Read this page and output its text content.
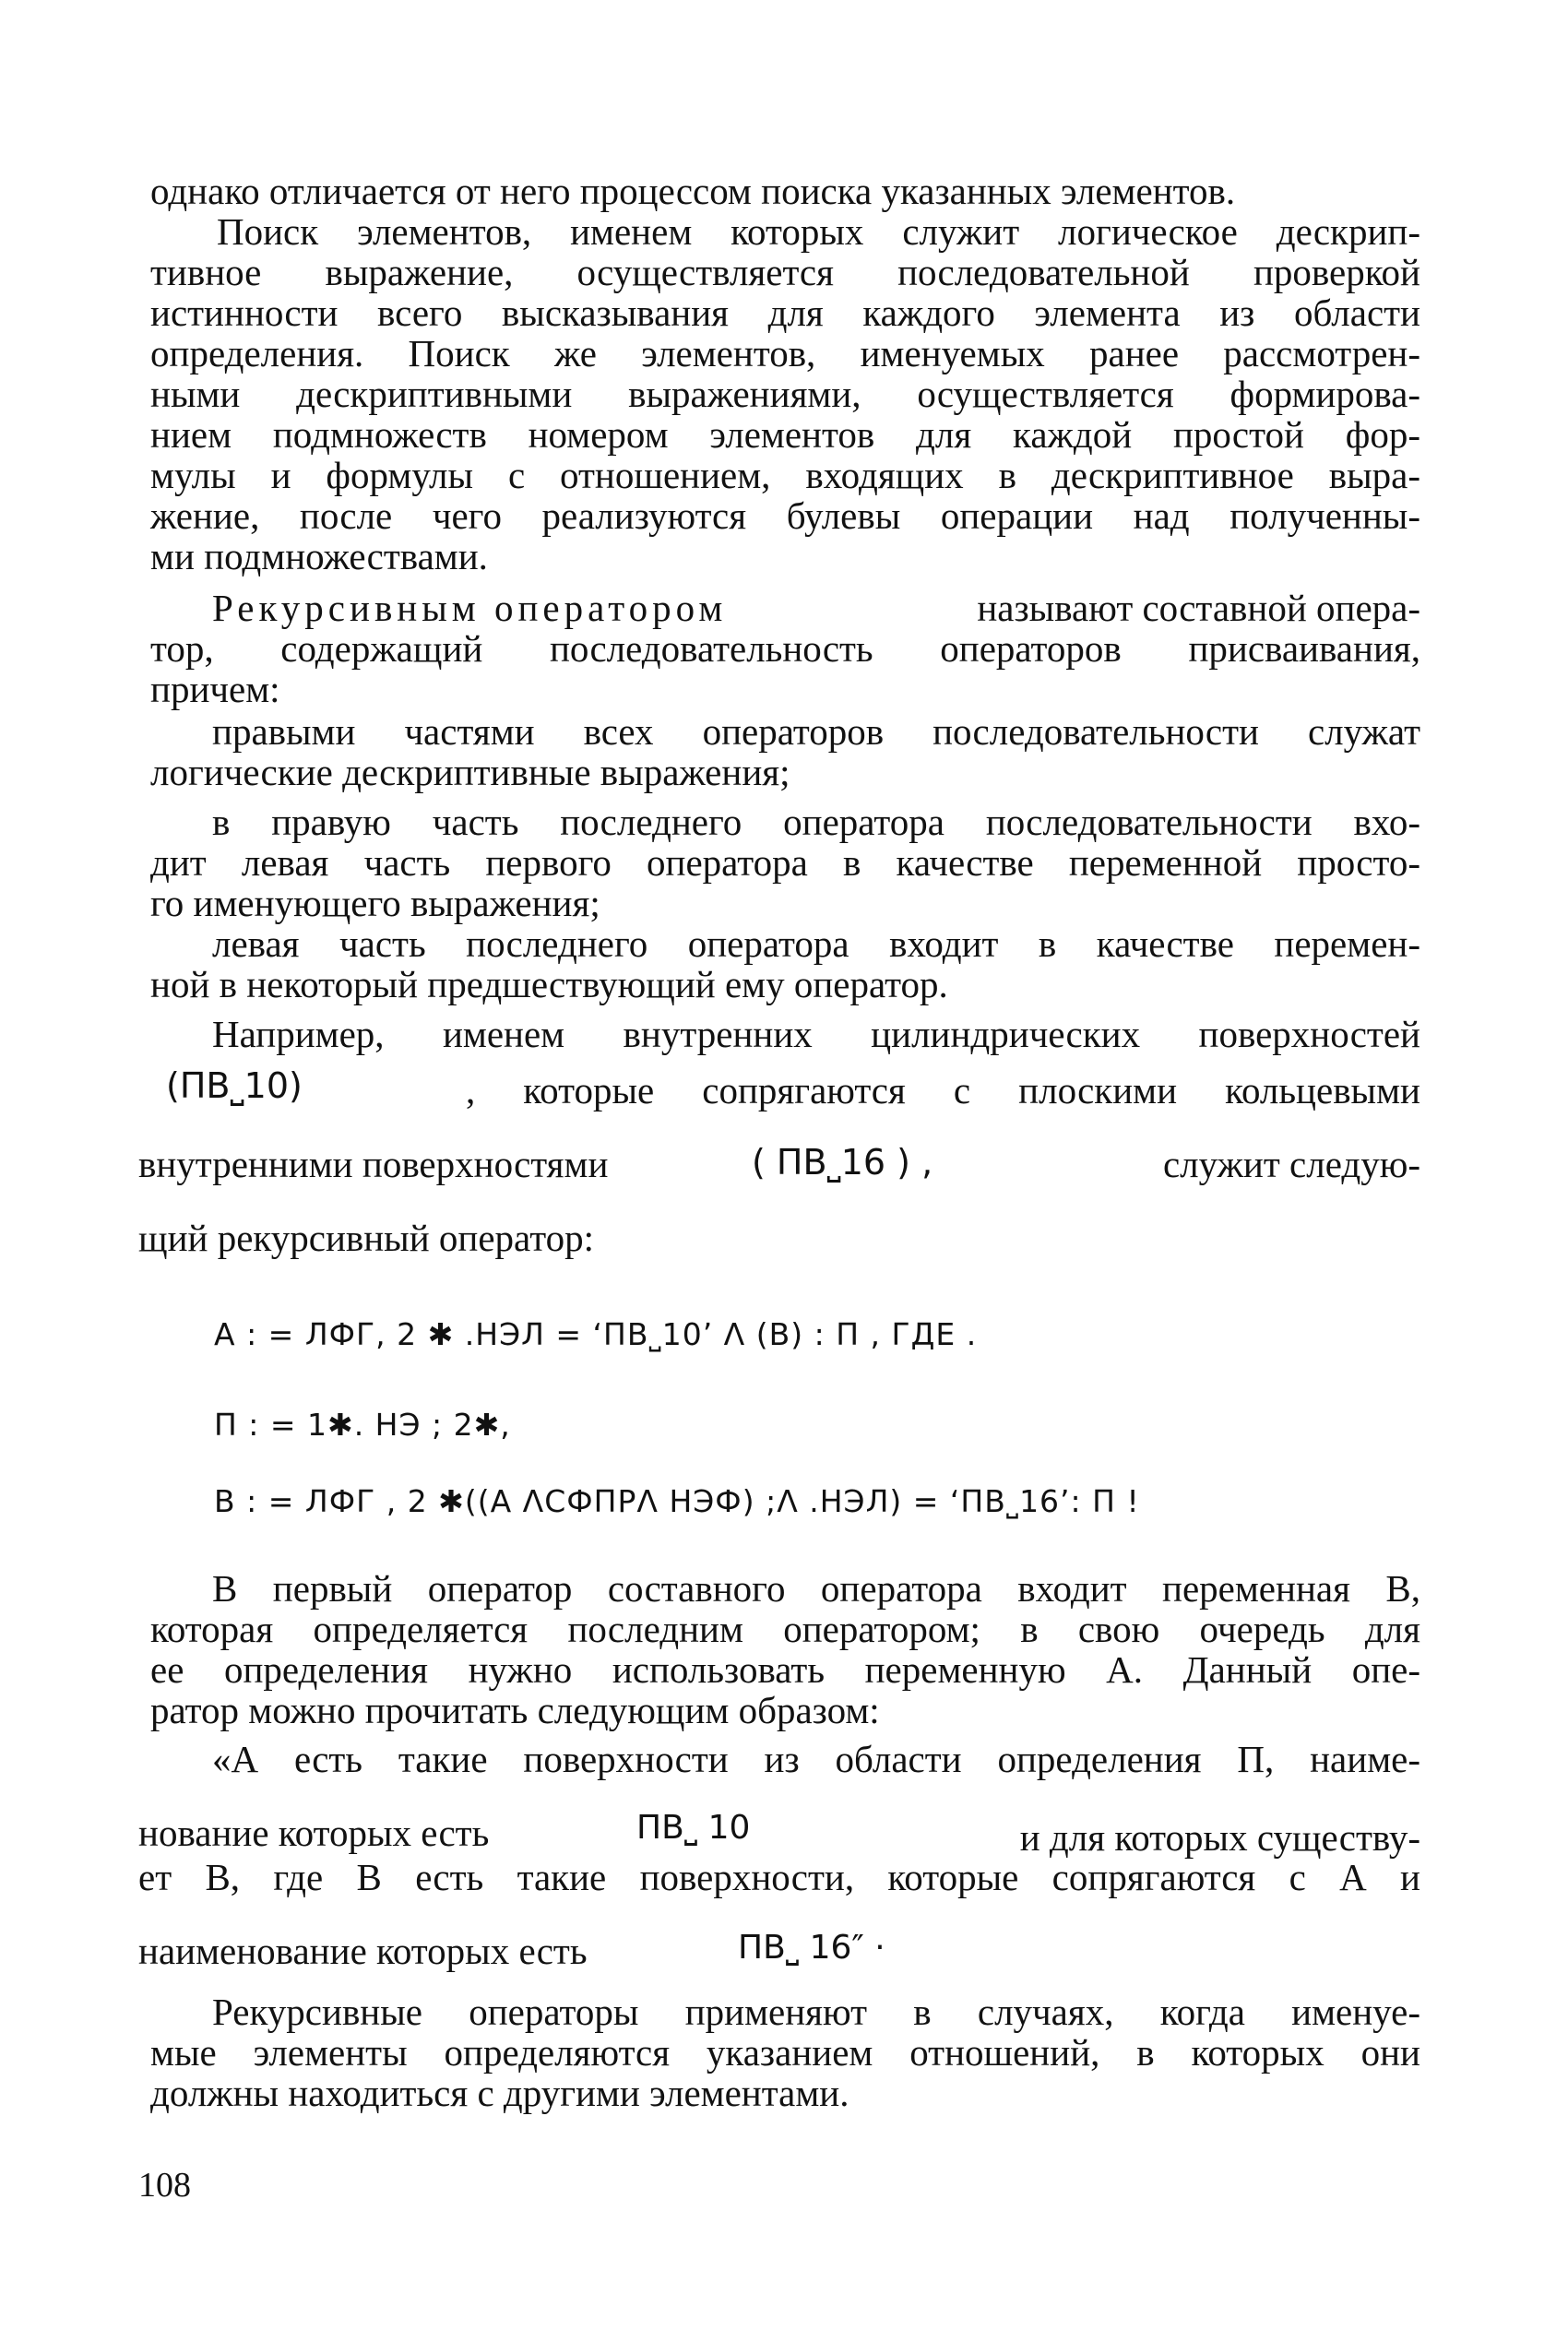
однако отличается от него процессом поиска указанных элементов.
Поиск элементов, именем которых служит логическое дескрип-
тивное выражение, осуществляется последовательной проверкой
истинности всего высказывания для каждого элемента из области
определения. Поиск же элементов, именуемых ранее рассмотрен-
ными дескриптивными выражениями, осуществляется формирова-
нием подмножеств номером элементов для каждой простой фор-
мулы и формулы с отношением, входящих в дескриптивное выра-
жение, после чего реализуются булевы операции над полученны-
ми подмножествами.
Рекурсивным оператором	называют составной опера-
тор, содержащий последовательность операторов присваивания,
причем:
правыми частями всех операторов последовательности служат
логические дескриптивные выражения;
в правую часть последнего оператора последовательности вхо-
дит левая часть первого оператора в качестве переменной просто-
го именующего выражения;
левая часть последнего оператора входит в качестве перемен-
ной в некоторый предшествующий ему оператор.
Например, именем внутренних цилиндрических поверхностей
(ПВ⎵10)	, которые сопрягаются с плоскими кольцевыми
внутренними поверхностями	( ПВ⎵16 ) ,	служит следую-
щий рекурсивный оператор:
А : = ЛФГ, 2 ✱ .НЭЛ = ‘ПВ⎵10’ Λ (В) : П , ГДЕ .
П : = 1✱. НЭ ; 2✱,
В : = ЛФГ , 2 ✱((А ΛСФПРΛ НЭФ) ;Λ .НЭЛ) = ‘ПВ⎵16’: П !
В первый оператор составного оператора входит переменная В,
которая определяется последним оператором; в свою очередь для
ее определения нужно использовать переменную А. Данный опе-
ратор можно прочитать следующим образом:
«А есть такие поверхности из области определения П, наиме-
нование которых есть	ПВ⎵ 10	и для которых существу-
ет В, где В есть такие поверхности, которые сопрягаются с А и
наименование которых есть	ПВ⎵ 16″ ·
Рекурсивные операторы применяют в случаях, когда именуе-
мые элементы определяются указанием отношений, в которых они
должны находиться с другими элементами.
108
